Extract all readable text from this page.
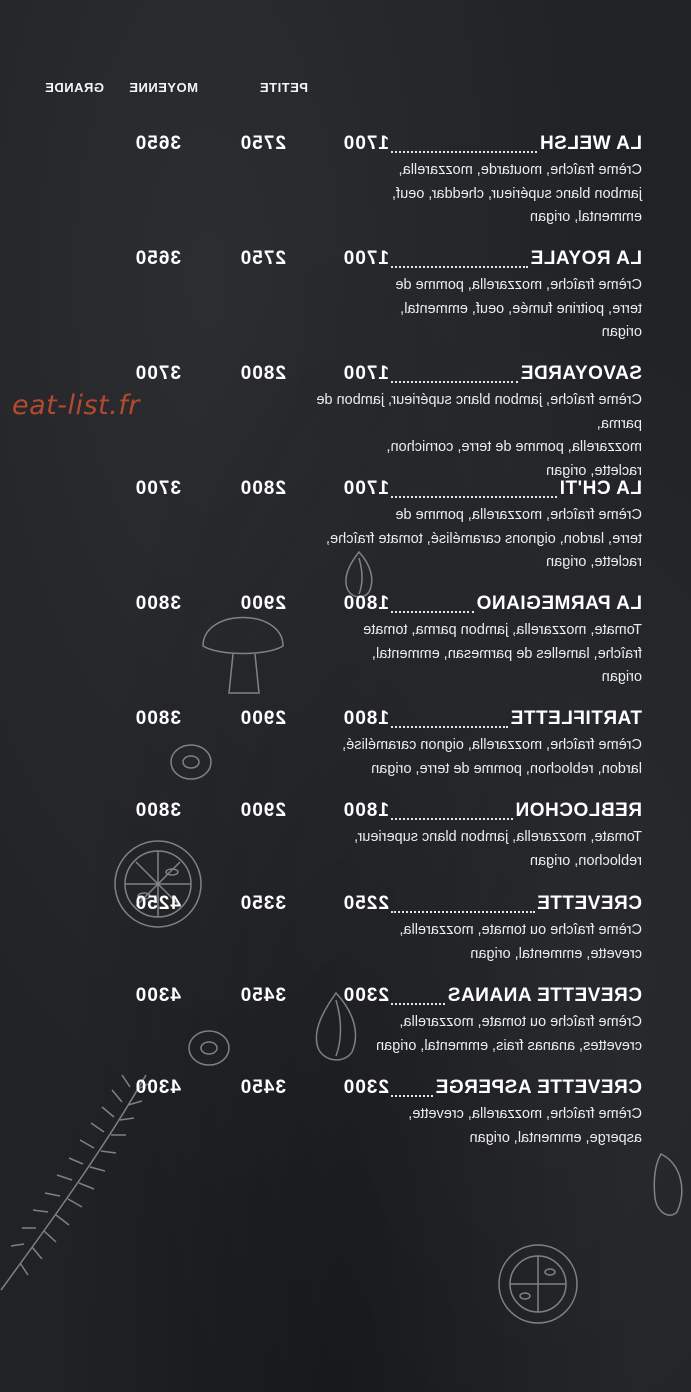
PETITE
MOYENNE
GRANDE
LA WELSH
1700
2750
3650
Crème fraîche, moutarde, mozzarella,
jambon blanc supérieur, cheddar, oeuf,
emmental, origan
LA ROYALE
1700
2750
3650
Crème fraîche, mozzarella, pomme de
terre, poitrine fumée, oeuf, emmental,
origan
SAVOYARDE
1700
2800
3700
Crème fraîche, jambon blanc supérieur, jambon de parma,
mozzarella, pomme de terre, cornichon,
raclette, origan
LA CH'TI
1700
2800
3700
Crème fraîche, mozzarella, pomme de
terre, lardon, oignons caramélisé, tomate fraîche,
raclette, origan
LA PARMEGIANO
1800
2900
3800
Tomate, mozzarella, jambon parma, tomate
fraîche, lamelles de parmesan, emmental,
origan
TARTIFLETTE
1800
2900
3800
Crème fraîche, mozzarella, oignon caramélisé,
lardon, reblochon, pomme de terre, origan
REBLOCHON
1800
2900
3800
Tomate, mozzarella, jambon blanc superieur,
reblochon, origan
CREVETTE
2250
3350
4250
Crème fraîche ou tomate, mozzarella,
crevette, emmental, origan
CREVETTE ANANAS
2300
3450
4300
Crème fraîche ou tomate, mozzarella,
crevettes, ananas frais, emmental, origan
CREVETTE ASPERGE
2300
3450
4300
Crème fraîche, mozzarella, crevette,
asperge, emmental, origan
eat-list.fr
